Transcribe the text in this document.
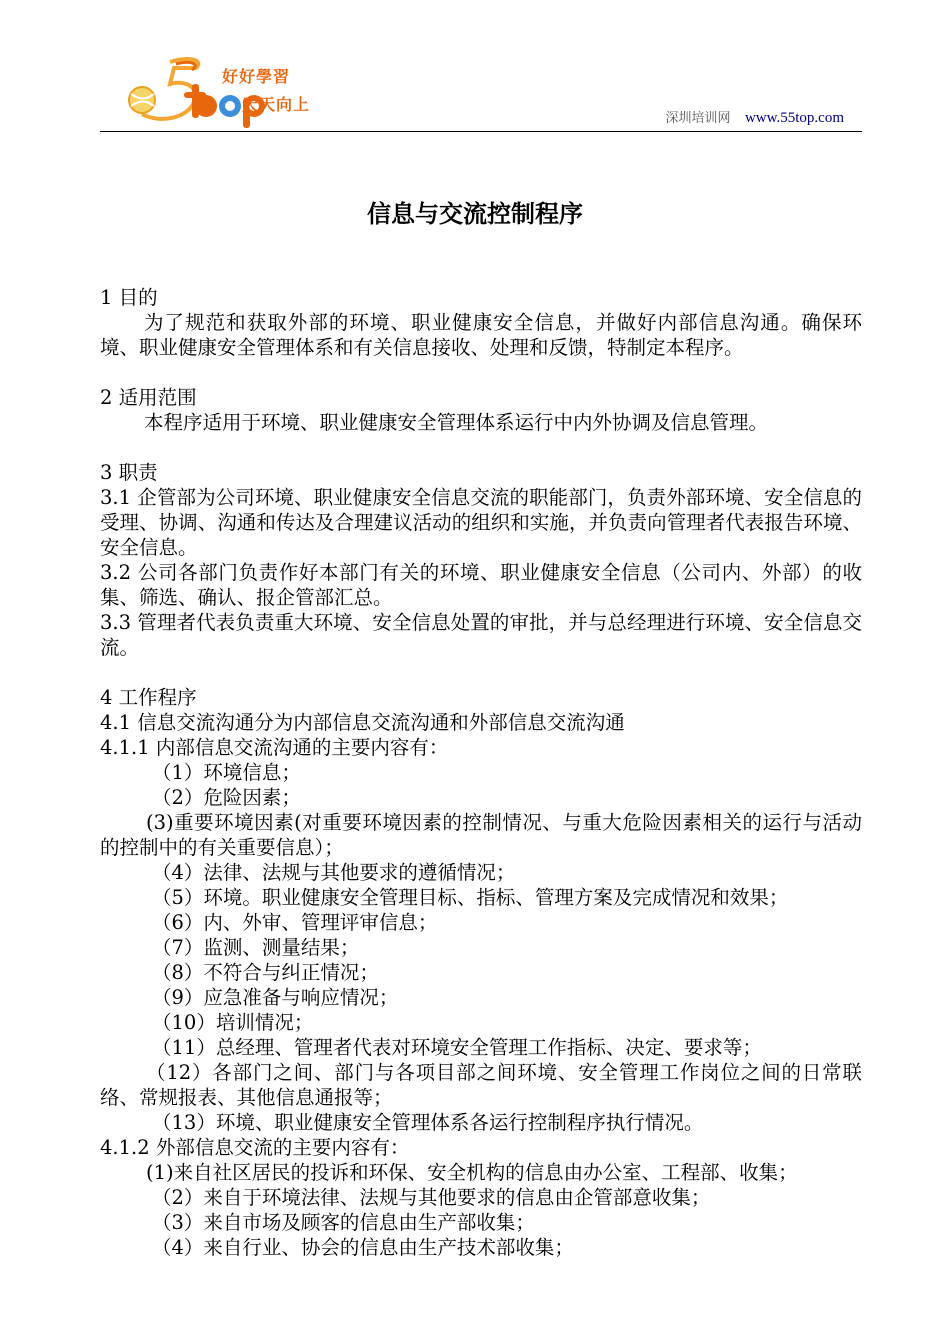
好好學習
天天向上
深圳培训网 www.55top.com
信息与交流控制程序
1 目的
为了规范和获取外部的环境、职业健康安全信息，并做好内部信息沟通。确保环境、职业健康安全管理体系和有关信息接收、处理和反馈，特制定本程序。
2 适用范围
本程序适用于环境、职业健康安全管理体系运行中内外协调及信息管理。
3 职责
3.1 企管部为公司环境、职业健康安全信息交流的职能部门，负责外部环境、安全信息的受理、协调、沟通和传达及合理建议活动的组织和实施，并负责向管理者代表报告环境、安全信息。
3.2 公司各部门负责作好本部门有关的环境、职业健康安全信息（公司内、外部）的收集、筛选、确认、报企管部汇总。
3.3 管理者代表负责重大环境、安全信息处置的审批，并与总经理进行环境、安全信息交流。
4 工作程序
4.1 信息交流沟通分为内部信息交流沟通和外部信息交流沟通
4.1.1 内部信息交流沟通的主要内容有：
（1）环境信息；
（2）危险因素；
(3)重要环境因素(对重要环境因素的控制情况、与重大危险因素相关的运行与活动的控制中的有关重要信息）；
（4）法律、法规与其他要求的遵循情况；
（5）环境。职业健康安全管理目标、指标、管理方案及完成情况和效果；
（6）内、外审、管理评审信息；
（7）监测、测量结果；
（8）不符合与纠正情况；
（9）应急准备与响应情况；
（10）培训情况；
（11）总经理、管理者代表对环境安全管理工作指标、决定、要求等；
（12）各部门之间、部门与各项目部之间环境、安全管理工作岗位之间的日常联络、常规报表、其他信息通报等；
（13）环境、职业健康安全管理体系各运行控制程序执行情况。
4.1.2 外部信息交流的主要内容有：
(1)来自社区居民的投诉和环保、安全机构的信息由办公室、工程部、收集；
（2）来自于环境法律、法规与其他要求的信息由企管部意收集；
（3）来自市场及顾客的信息由生产部收集；
（4）来自行业、协会的信息由生产技术部收集；
